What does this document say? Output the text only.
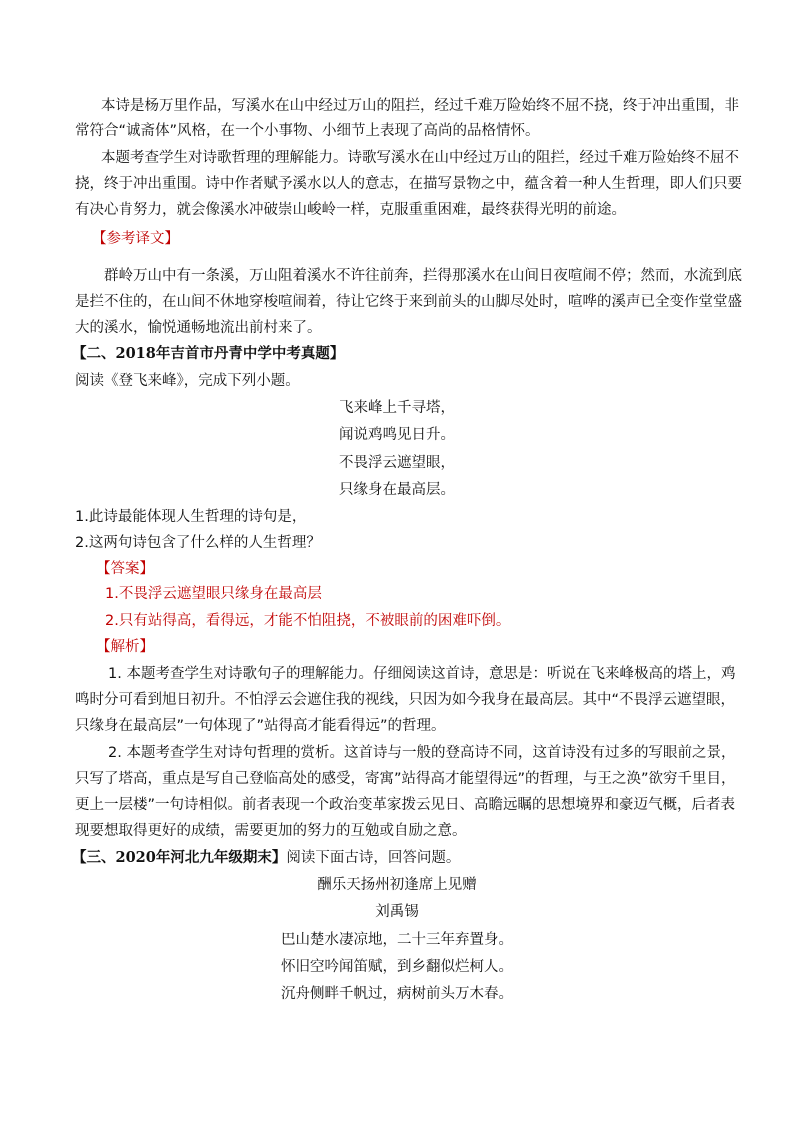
本诗是杨万里作品，写溪水在山中经过万山的阻拦，经过千难万险始终不屈不挠，终于冲出重围，非
常符合“诚斋体”风格，在一个小事物、小细节上表现了高尚的品格情怀。
本题考查学生对诗歌哲理的理解能力。诗歌写溪水在山中经过万山的阻拦，经过千难万险始终不屈不
挠，终于冲出重围。诗中作者赋予溪水以人的意志，在描写景物之中，蕴含着一种人生哲理，即人们只要
有决心肯努力，就会像溪水冲破崇山峻岭一样，克服重重困难，最终获得光明的前途。
【参考译文】
群岭万山中有一条溪，万山阻着溪水不许往前奔，拦得那溪水在山间日夜喧闹不停；然而，水流到底
是拦不住的，在山间不休地穿梭喧闹着，待让它终于来到前头的山脚尽处时，喧哗的溪声已全变作堂堂盛
大的溪水，愉悦通畅地流出前村来了。
【二、2018年吉首市丹青中学中考真题】
阅读《登飞来峰》，完成下列小题。
飞来峰上千寻塔，
闻说鸡鸣见日升。
不畏浮云遮望眼，
只缘身在最高层。
1.此诗最能体现人生哲理的诗句是，
2.这两句诗包含了什么样的人生哲理？
【答案】
1.不畏浮云遮望眼只缘身在最高层
2.只有站得高，看得远，才能不怕阻挠，不被眼前的困难吓倒。
【解析】
1. 本题考查学生对诗歌句子的理解能力。仔细阅读这首诗，意思是：听说在飞来峰极高的塔上，鸡
鸣时分可看到旭日初升。不怕浮云会遮住我的视线，只因为如今我身在最高层。其中“不畏浮云遮望眼，
只缘身在最高层”一句体现了”站得高才能看得远”的哲理。
2. 本题考查学生对诗句哲理的赏析。这首诗与一般的登高诗不同，这首诗没有过多的写眼前之景，
只写了塔高，重点是写自己登临高处的感受，寄寓”站得高才能望得远”的哲理，与王之涣”欲穷千里目，
更上一层楼”一句诗相似。前者表现一个政治变革家拨云见日、高瞻远瞩的思想境界和豪迈气概，后者表
现要想取得更好的成绩，需要更加的努力的互勉或自励之意。
【三、2020年河北九年级期末】阅读下面古诗，回答问题。
酬乐天扬州初逢席上见赠
刘禹锡
巴山楚水凄凉地，二十三年弃置身。
怀旧空吟闻笛赋，到乡翻似烂柯人。
沉舟侧畔千帆过，病树前头万木春。
